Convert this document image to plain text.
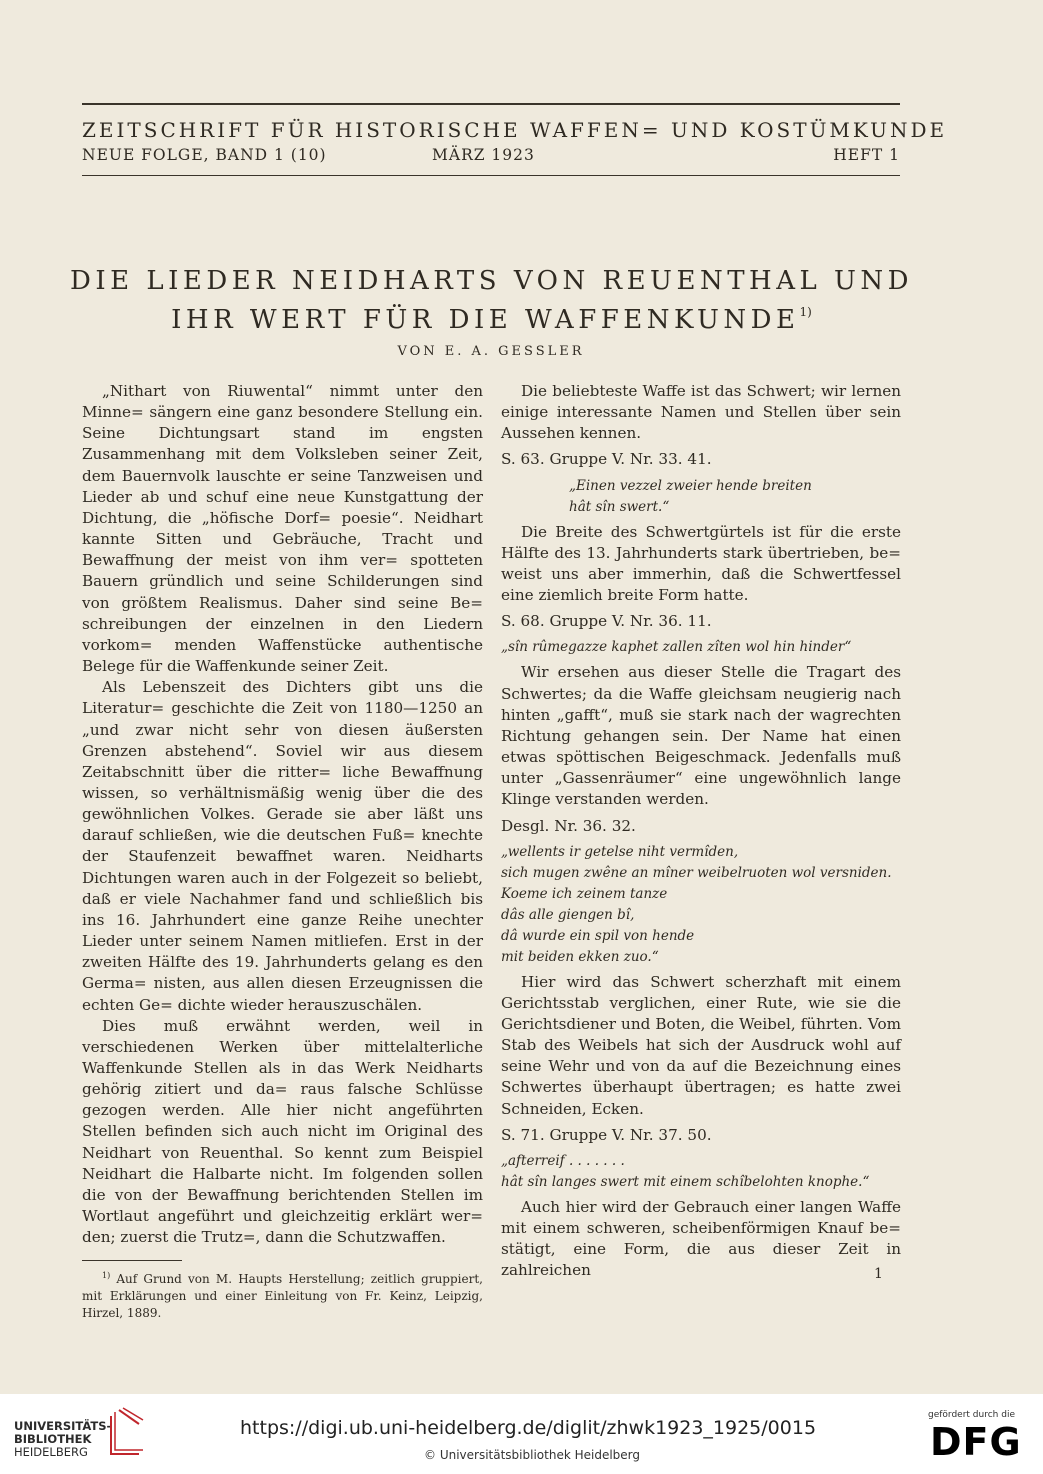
ZEITSCHRIFT FÜR HISTORISCHE WAFFEN= UND KOSTÜMKUNDE
NEUE FOLGE, BAND 1 (10)	MÄRZ 1923	HEFT 1
DIE LIEDER NEIDHARTS VON REUENTHAL UND
IHR WERT FÜR DIE WAFFENKUNDE$^{1)}$
VON E. A. GESSLER

„Nithart von Riuwental“ nimmt unter den Minne= sängern eine ganz besondere Stellung ein. Seine Dichtungsart stand im engsten Zusammenhang mit dem Volksleben seiner Zeit, dem Bauernvolk lauschte er seine Tanzweisen und Lieder ab und schuf eine neue Kunstgattung der Dichtung, die „höfische Dorf= poesie“. Neidhart kannte Sitten und Gebräuche, Tracht und Bewaffnung der meist von ihm ver= spotteten Bauern gründlich und seine Schilderungen sind von größtem Realismus. Daher sind seine Be= schreibungen der einzelnen in den Liedern vorkom= menden Waffenstücke authentische Belege für die Waffenkunde seiner Zeit.

Als Lebenszeit des Dichters gibt uns die Literatur= geschichte die Zeit von 1180—1250 an „und zwar nicht sehr von diesen äußersten Grenzen abstehend“. Soviel wir aus diesem Zeitabschnitt über die ritter= liche Bewaffnung wissen, so verhältnismäßig wenig über die des gewöhnlichen Volkes. Gerade sie aber läßt uns darauf schließen, wie die deutschen Fuß= knechte der Staufenzeit bewaffnet waren. Neidharts Dichtungen waren auch in der Folgezeit so beliebt, daß er viele Nachahmer fand und schließlich bis ins 16. Jahrhundert eine ganze Reihe unechter Lieder unter seinem Namen mitliefen. Erst in der zweiten Hälfte des 19. Jahrhunderts gelang es den Germa= nisten, aus allen diesen Erzeugnissen die echten Ge= dichte wieder herauszuschälen.

Dies muß erwähnt werden, weil in verschiedenen Werken über mittelalterliche Waffenkunde Stellen als in das Werk Neidharts gehörig zitiert und da= raus falsche Schlüsse gezogen werden. Alle hier nicht angeführten Stellen befinden sich auch nicht im Original des Neidhart von Reuenthal. So kennt zum Beispiel Neidhart die Halbarte nicht. Im folgenden sollen die von der Bewaffnung berichtenden Stellen im Wortlaut angeführt und gleichzeitig erklärt wer= den; zuerst die Trutz=, dann die Schutzwaffen.

$^{1)}$ Auf Grund von M. Haupts Herstellung; zeitlich gruppiert, mit Erklärungen und einer Einleitung von Fr. Keinz, Leipzig, Hirzel, 1889.

Die beliebteste Waffe ist das Schwert; wir lernen einige interessante Namen und Stellen über sein Aussehen kennen.

S. 63. Gruppe V. Nr. 33. 41.

„Einen vezzel zweier hende breiten
hât sîn swert.“

Die Breite des Schwertgürtels ist für die erste Hälfte des 13. Jahrhunderts stark übertrieben, be= weist uns aber immerhin, daß die Schwertfessel eine ziemlich breite Form hatte.

S. 68. Gruppe V. Nr. 36. 11.

„sîn rûmegazze kaphet zallen zîten wol hin hinder“

Wir ersehen aus dieser Stelle die Tragart des Schwertes; da die Waffe gleichsam neugierig nach hinten „gafft“, muß sie stark nach der wagrechten Richtung gehangen sein. Der Name hat einen etwas spöttischen Beigeschmack. Jedenfalls muß unter „Gassenräumer“ eine ungewöhnlich lange Klinge verstanden werden.

Desgl. Nr. 36. 32.

„wellents ir getelse niht vermîden,
sich mugen zwêne an mîner weibelruoten wol versniden.
Koeme ich zeinem tanze
dâs alle giengen bî,
dâ wurde ein spil von hende
mit beiden ekken zuo.“

Hier wird das Schwert scherzhaft mit einem Gerichtsstab verglichen, einer Rute, wie sie die Gerichtsdiener und Boten, die Weibel, führten. Vom Stab des Weibels hat sich der Ausdruck wohl auf seine Wehr und von da auf die Bezeichnung eines Schwertes überhaupt übertragen; es hatte zwei Schneiden, Ecken.

S. 71. Gruppe V. Nr. 37. 50.

„afterreif . . . . . . .
hât sîn langes swert mit einem schîbelohten knophe.“

Auch hier wird der Gebrauch einer langen Waffe mit einem schweren, scheibenförmigen Knauf be= stätigt, eine Form, die aus dieser Zeit in zahlreichen	1
UNIVERSITÄTS-
BIBLIOTHEK
HEIDELBERG
https://digi.ub.uni-heidelberg.de/diglit/zhwk1923_1925/0015
© Universitätsbibliothek Heidelberg
gefördert durch die
DFG
